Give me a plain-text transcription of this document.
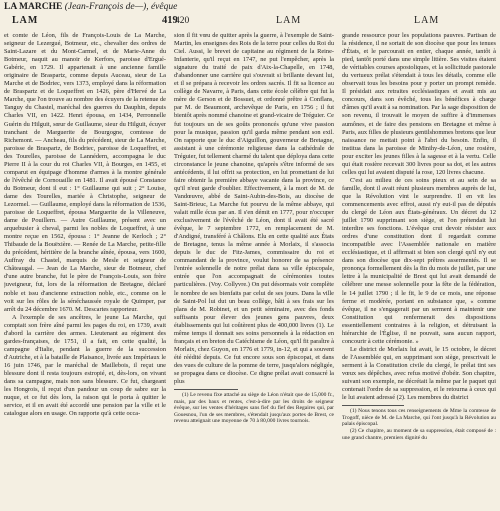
LA MARCHE (Jean-François de—), évêque
LAM	419
420	LAM	LAM

et comte de Léon, fils de François-Louis de La Marche, seigneur de Lezergué, Botmeur, etc., chevalier des ordres de Saint-Lazare et du Mont-Carmel, et de Marie-Anne du Botmeur, naquit au manoir de Kerfors, paroisse d'Ergué-Gabéric, en 1729. Il appartenait à une ancienne famille originaire de Braspartz, comme depuis Auceau, sieur de La Marche et de Bodriec, vers 1373, employé dans la réformation de Braspartz et de Loqueffret en 1426, père d'Hervé de La Marche, que l'on trouve au nombre des écuyers de la retenue de Tanguy du Chastel, maréchal des guerres du Dauphin, depuis Charles VII, en 1422. Henri épousa, en 1434, Perronnelle Guérin du Hilguit, sœur de Guillaume, sieur du Hilguit, écuyer tranchant de Marguerite de Bourgogne, comtesse de Richemont. — Ancheau, fils du précédent, sieur de La Marche, paroisse de Braspartz, de Bodriec, paroisse de Loqueffret, et des Tourelles, paroisse de Lannédern, accompagna le duc Pierre II à la cour du roi Charles VII, à Bourges, en 1455, et comparut en équipage d'homme d'armes à la montre générale de l'évêché de Cornouaille en 1481. Il avait épousé Constance du Botmeur, dont il eut : 1° Guillaume qui suit ; 2° Louise, dame des Tourelles, mariée à Christophe, seigneur de Lezormel. — Guillaume, employé dans la réformation de 1536, paroisse de Loqueffret, épousa Marguerite de la Villeneuve, dame de Pouillern. — Autre Guillaume, présent avec un arquebusier à cheval, parmi les nobles de Loqueffret, à une montre reçue en 1562, épousa : 1° Jeanne de Kerloch ; 2° Thibaude de la Bouëxière. — Renée de La Marche, petite-fille du précédent, héritière de la branche aînée, épousa, vers 1600, Auffray du Chastel, marquis de Mesle et seigneur de Châteaugal. — Jean de La Marche, sieur de Botmeur, chef d'une autre branche, fut le père de François-Louis, son frère juveigneur, fut, lors de la réformation de Bretagne, déclaré noble et issu d'ancienne extraction noble, etc., comme on le voit sur les rôles de la sénéchaussée royale de Quimper, par arrêt du 24 décembre 1670. M. Descartes rapporteur.

A l'exemple de ses ancêtres, le jeune La Marche, qui comptait son frère aîné parmi les pages du roi, en 1739, avait d'abord la carrière des armes. Lieutenant au régiment des gardes-françaises, de 1751, il a fait, en cette qualité, la campagne d'Italie, pendant la guerre de la succession d'Autriche, et à la bataille de Plaisance, livrée aux Impériaux le 16 juin 1746, par le maréchal de Maillebois, il reçut une blessure dont il resta toujours estropié, et, dès-lors, on vivant dans sa campagne, mais non sans blessure. Ce fut, chargeant les Hongrois, il reçut d'un pandour un coup de sabre sur la nuque, et ce fut dès lors, la raison qui le porta à quitter le service, et il en avait été accordé une pension par la ville et le catalogue alors en usage. On rapporte qu'à cette occa-

sion il fit vœu de quitter après la guerre, à l'exemple de Saint-Martin, les enseignes des Rois de la terre pour celles du Roi du Ciel. Aussi, le brevet de capitaine au régiment de la Reine-Infanterie, qu'il reçut en 1747, ne put l'empêcher, après la signature du traité de paix d'Aix-la-Chapelle, en 1748, d'abandonner une carrière qui s'ouvrait si brillante devant lui, et il se prépara à recevoir les ordres sacrés. Il fit sa licence au collège de Navarre, à Paris, dans cette école célèbre qui fut la mère de Gerson et de Bossuet, et ordonné prêtre à Conflans, par M. de Beaumont, archevêque de Paris, en 1756 ; il fut bientôt après nommé chanoine et grand-vicaire de Tréguier. Ce fut toujours un de ses goûts prononcés qu'une vive passion pour la musique, passion qu'il garda même pendant son exil. On rapporte que le duc d'Aiguillon, gouverneur de Bretagne, assistant à une cérémonie religieuse dans la cathédrale de Tréguier, fut tellement charmé du talent que déploya dans cette circonstance le jeune chanoine, qu'après s'être informé de ses antécédents, il lui offrit sa protection, en lui promettant de lui faire obtenir la première abbaye vacante dans la province, ce qu'il n'eut garde d'oublier. Effectivement, à la mort de M. de Vandœuvre, abbé de Saint-Aubin-des-Bois, au diocèse de Saint-Brieuc, La Marche fut pourvu de la même abbaye, qui valait mille écus par an. Il s'en démit en 1777, pour n'occuper exclusivement de l'évêché de Léon, dont il avait été sacré évêque, le 7 septembre 1772, en remplacement de M. d'Andigné, transféré à Châlons. Elu en cette qualité aux États de Bretagne, tenus la même année à Morlaix, il s'associa depuis le duc de Fitz-James, commissaire du roi et commandant de la province, voulut honorer de sa présence l'entrée solennelle de notre prélat dans sa ville épiscopale, entrée que l'on accompagnait de cérémonies toutes particulières. (Voy. Collyvre.) On put désormais voir complète le nombre de ses bienfaits par celui de ses jours. Dans la ville de Saint-Pol lui dut un beau collège, bâti à ses frais sur les plans de M. Robinet, et un petit séminaire, avec des fonds suffisants pour élever des jeunes gens pauvres, deux établissements qui lui coûtèrent plus de 400,000 livres (1). Le même temps il donnait ses soins personnels à la rédaction en français et en breton du Catéchisme de Léon, qu'il fit paraître à Morlaix, chez Guyon, en 1776 et 1779, in-12, et qui a souvent été réédité depuis. Ce fut encore sous son épiscopat, et dans des vues de culture de la pomme de terre, jusqu'alors négligée, se propagea dans ce diocèse. Ce digne prélat avait consacré la plus

(1) Le revenu fixe attaché au siège de Léon n'était que de 15,000 fr., mais, par des baux et rentes, c'est-à-dire par les droits de seigneur évêque, sur les ventes d'héritages sans fief du fief des Regaires qui, par Gouesnou, l'un de ses membres, s'étendait jusqu'aux portes de Brest, ce revenu atteignait une moyenne de 70 à 80,000 livres tournois.

grande ressource pour les populations pauvres. Partisan de la résidence, il ne sortait de son diocèse que pour les tenues d'États, et le parcourait en entier, chaque année, tantôt à pied, tantôt porté dans une simple litière. Ses visites étaient de véritables courses apostoliques, et la sollicitude pastorale du vertueux prélat s'étendait à tous les détails, comme elle observait tous les besoins pour y porter un prompt remède. Il présidait aux retraites ecclésiastiques et avait mis au concours, dans son évêché, tous les bénéfices à charge d'âmes qu'il avait à sa nomination. Par la sage disposition de son revenu, il trouvait le moyen de suffire à d'immenses aumônes, et de faire des pensions en Bretagne et même à Paris, aux filles de plusieurs gentilshommes bretons que leur naissance ne mettait point à l'abri du besoin. Enfin, il institua dans la paroisse de Minihy-de-Léon, une rosière, pour exciter les jeunes filles à la sagesse et à la vertu. Celle qui était rosière recevait 300 livres pour sa dot, et les autres celles qui lui avaient disputé la rose, 120 livres chacune.

C'est au milieu de ces soins pieux et au sein de sa famille, dont il avait réuni plusieurs membres auprès de lui, que la Révolution vint le surprendre. Il en vit les commencements avec effroi, aussi n'y eut-il pas de députés du clergé de Léon aux États-généraux. Un décret du 12 juillet 1790 supprimant son siège, et l'on prétendait lui interdire ses fonctions. L'évêque crut devoir résister aux ordres d'une constitution dont il regardait comme incompatible avec l'Assemblée nationale en matière ecclésiastique, et il affirmait si bien son clergé qu'il n'y eut dans son diocèse que dix-sept prêtres assermentés. Il se prononça formellement dès la fin du mois de juillet, par une lettre à la municipalité de Brest qui lui avait demandé de célébrer une messe solennelle pour la fête de la fédération, le 14 juillet 1790 ; il le fit, le 9 de ce mois, une réponse ferme et modérée, portant en substance que, « comme évêque, il ne s'engagerait par un serment à maintenir une Constitution qui renfermerait des dispositions essentiellement contraires à la religion, et détruisant la hiérarchie de l'Église, il ne pouvait, sans aucun rapport, concourir à cette cérémonie. »

Le district de Morlaix lui avait, le 15 octobre, le décret de l'Assemblée qui, en supprimant son siège, prescrivait le serment à la Constitution civile du clergé, le prélat tint ses vœux ses dépêches, avec refus motivé d'obéir. Son chapitre, suivant son exemple, ne décrétait la même par le paquet qui contenait l'ordre de sa suppression, et le retourna à ceux qui le lui avaient adressé (2). Les membres du district

(1) Nous tenons tous ces renseignements de Mme la comtesse de Trogoff, nièce de M. de La Marche, qui l'ont jusqu'à la Révolution au palais épiscopal.

(2) Ce chapitre, au moment de sa suppression, était composé de : une grand chantre, premiers dignité du
